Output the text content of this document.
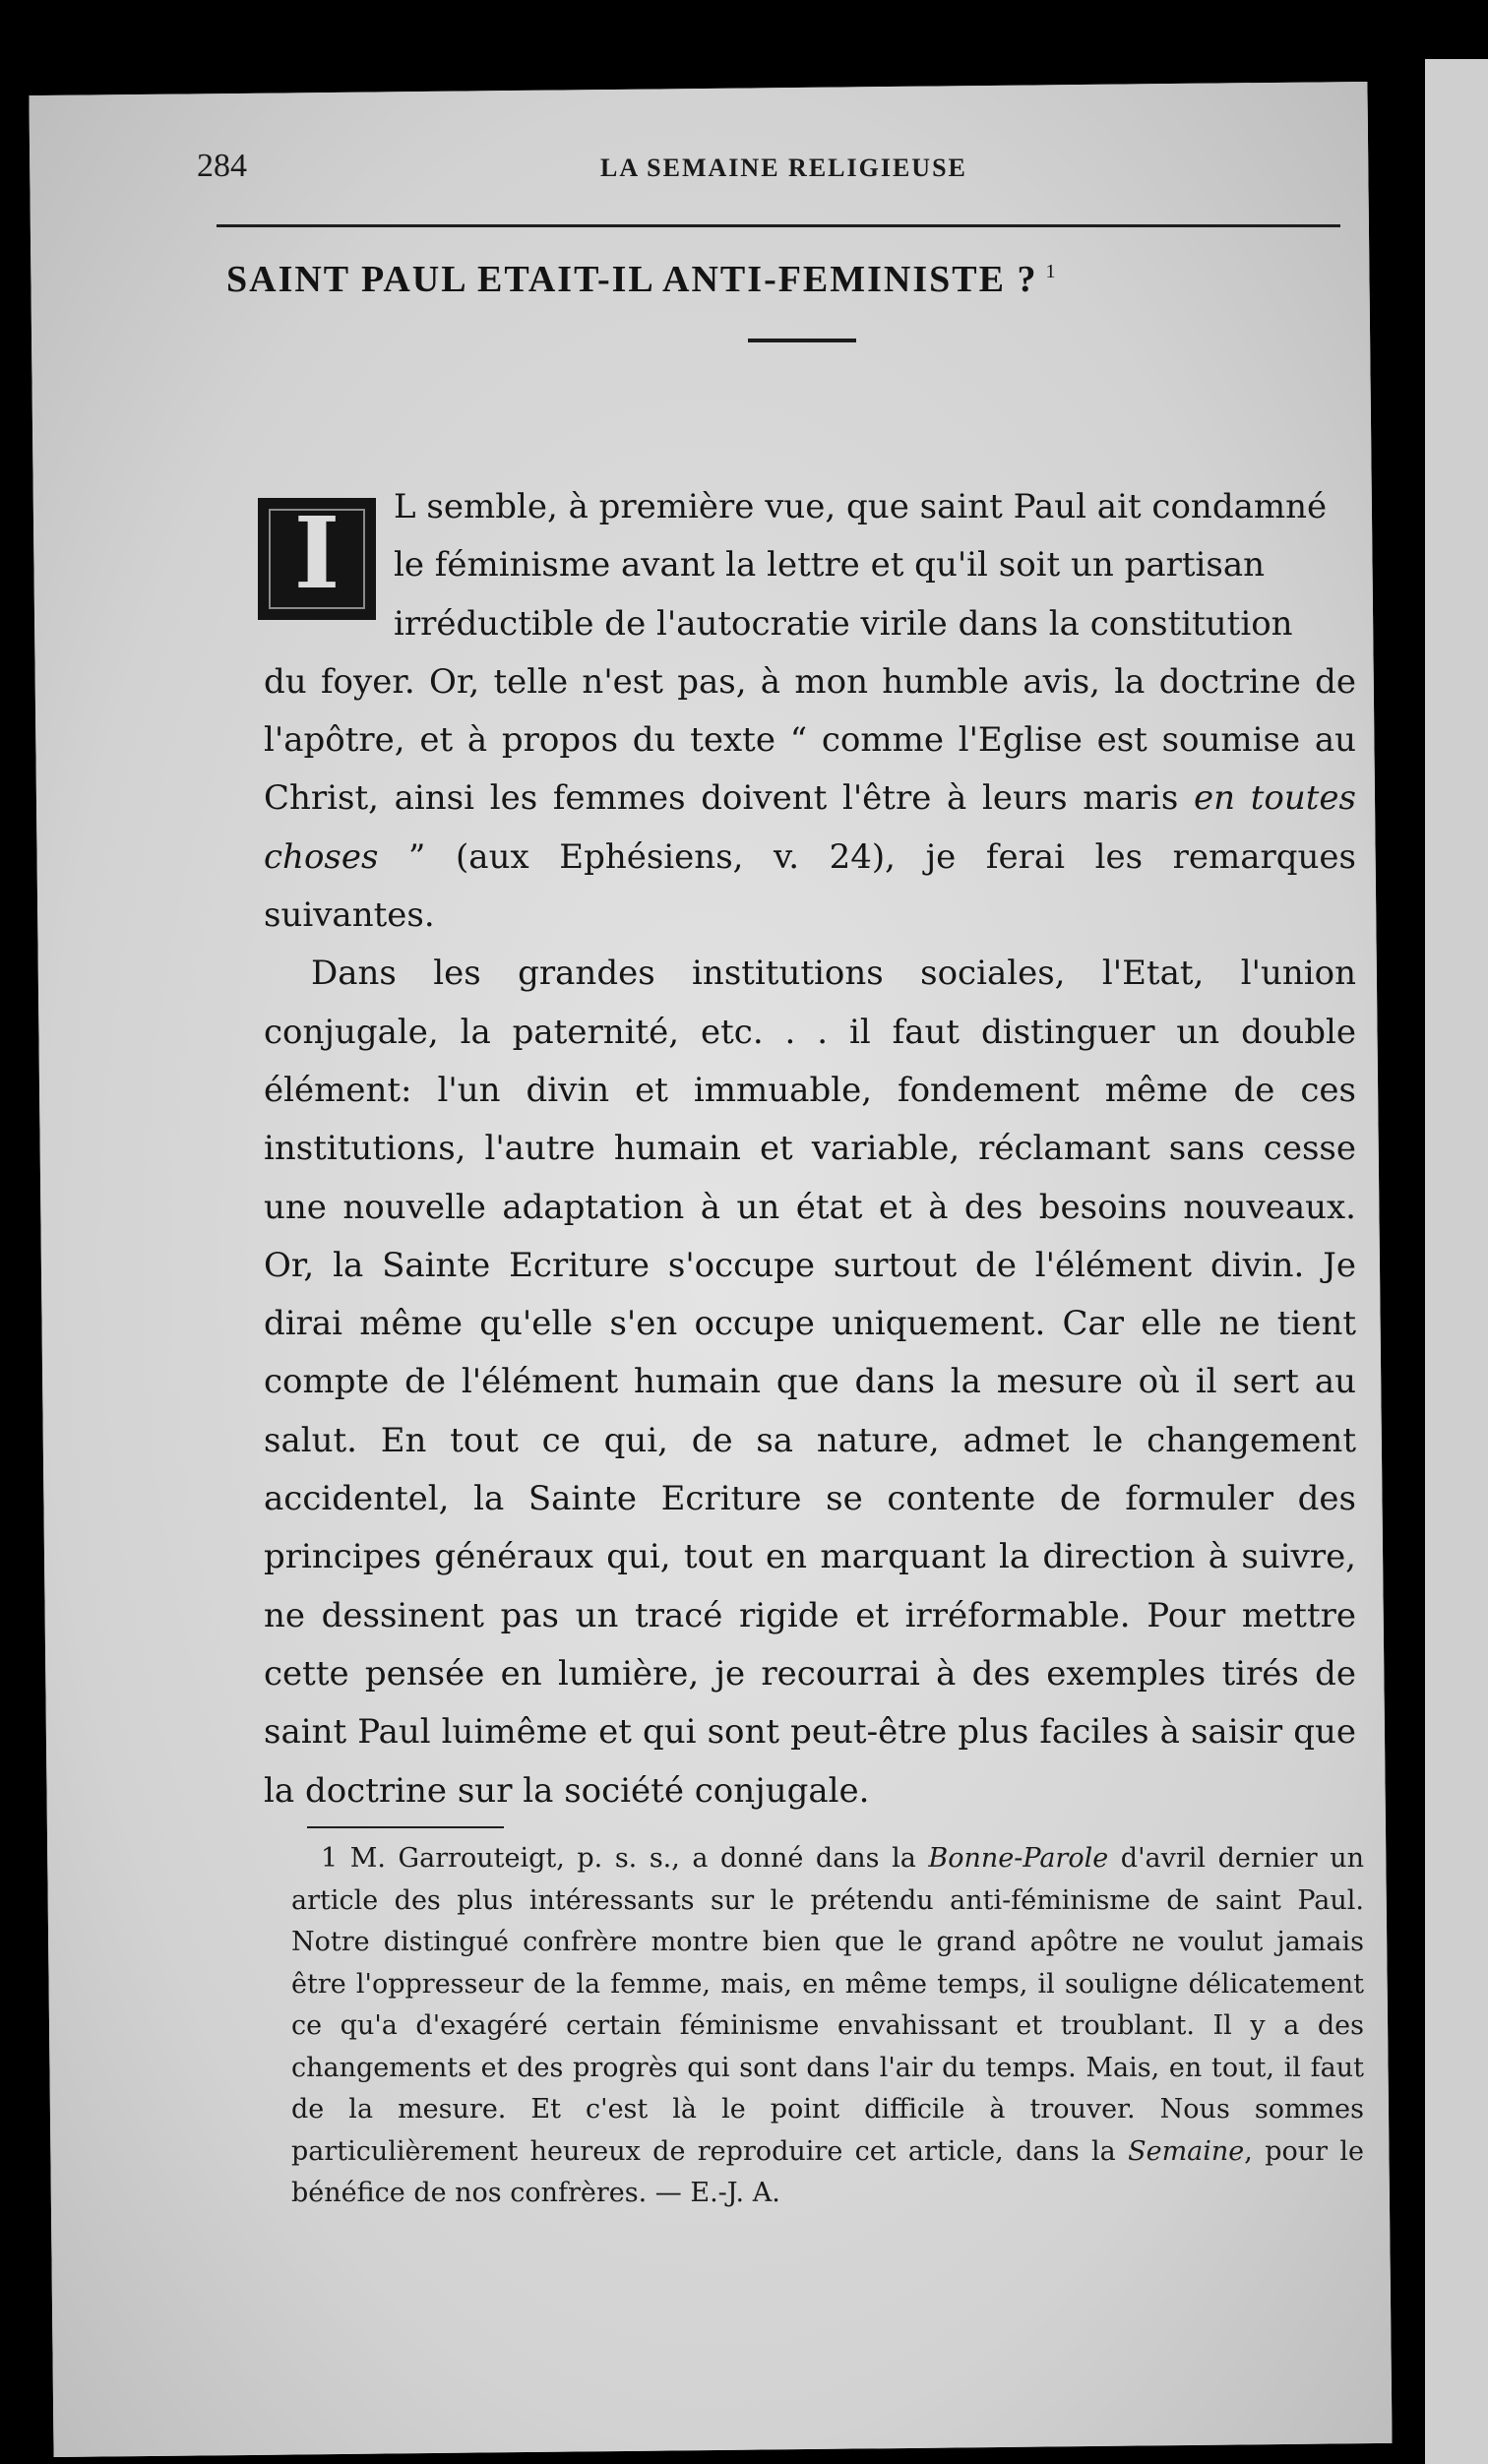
284	LA SEMAINE RELIGIEUSE
SAINT PAUL ETAIT-IL ANTI-FEMINISTE ? $^1$
I	L semble, à première vue, que saint Paul ait condamné
le féminisme avant la lettre et qu'il soit un partisan
irréductible de l'autocratie virile dans la constitution
du foyer. Or, telle n'est pas, à mon humble avis, la doctrine de l'apôtre, et à propos du texte “ comme l'Eglise est soumise au Christ, ainsi les femmes doivent l'être à leurs maris en toutes choses ” (aux Ephésiens, v. 24), je ferai les remarques suivantes.

Dans les grandes institutions sociales, l'Etat, l'union conjugale, la paternité, etc. . . il faut distinguer un double élément: l'un divin et immuable, fondement même de ces institutions, l'autre humain et variable, réclamant sans cesse une nouvelle adaptation à un état et à des besoins nouveaux. Or, la Sainte Ecriture s'occupe surtout de l'élément divin. Je dirai même qu'elle s'en occupe uniquement. Car elle ne tient compte de l'élément humain que dans la mesure où il sert au salut. En tout ce qui, de sa nature, admet le changement accidentel, la Sainte Ecriture se contente de formuler des principes généraux qui, tout en marquant la direction à suivre, ne dessinent pas un tracé rigide et irréformable. Pour mettre cette pensée en lumière, je recourrai à des exemples tirés de saint Paul luimême et qui sont peut-être plus faciles à saisir que la doctrine sur la société conjugale.

1 M. Garrouteigt, p. s. s., a donné dans la Bonne-Parole d'avril dernier un article des plus intéressants sur le prétendu anti-féminisme de saint Paul. Notre distingué confrère montre bien que le grand apôtre ne voulut jamais être l'oppresseur de la femme, mais, en même temps, il souligne délicatement ce qu'a d'exagéré certain féminisme envahissant et troublant. Il y a des changements et des progrès qui sont dans l'air du temps. Mais, en tout, il faut de la mesure. Et c'est là le point difficile à trouver. Nous sommes particulièrement heureux de reproduire cet article, dans la Semaine, pour le bénéfice de nos confrères. — E.-J. A.
